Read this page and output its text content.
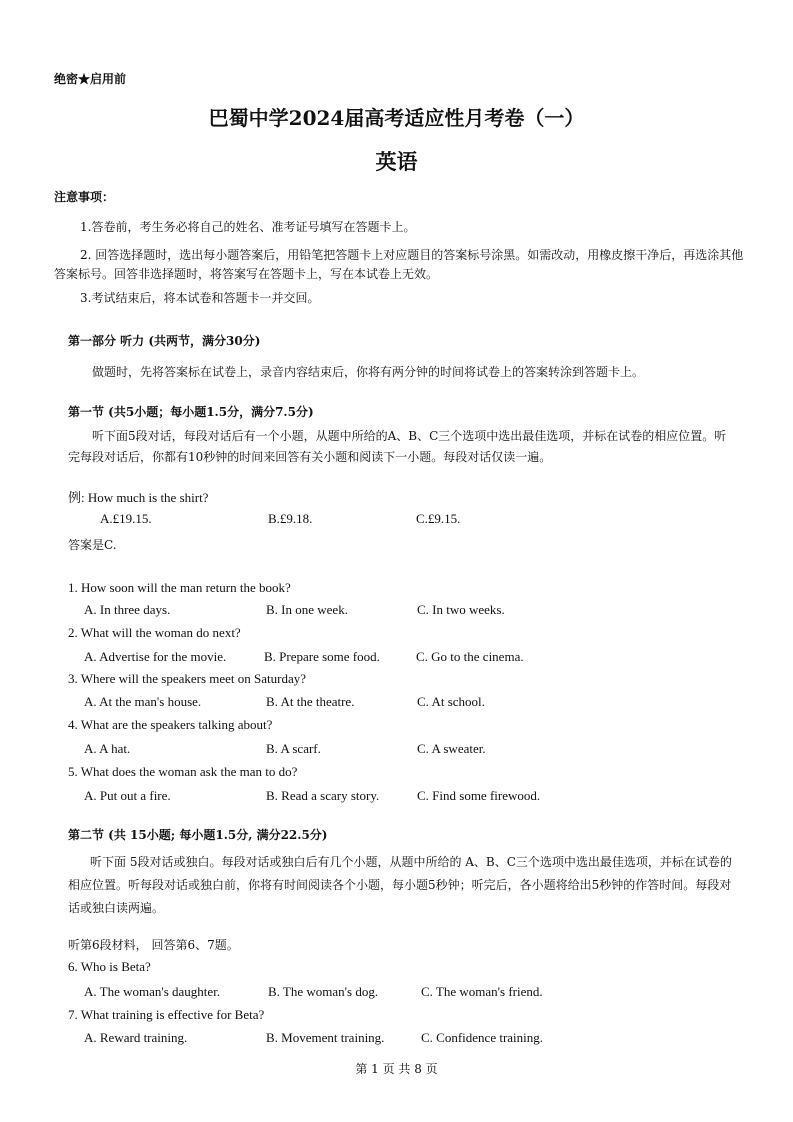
绝密★启用前
巴蜀中学2024届高考适应性月考卷（一）
英语
注意事项：
1.答卷前，考生务必将自己的姓名、准考证号填写在答题卡上。
2. 回答选择题时，选出每小题答案后，用铅笔把答题卡上对应题目的答案标号涂黑。如需改动，用橡皮擦干净后，再选涂其他答案标号。回答非选择题时，将答案写在答题卡上，写在本试卷上无效。
3.考试结束后，将本试卷和答题卡一并交回。
第一部分 听力 (共两节，满分30分)
做题时，先将答案标在试卷上，录音内容结束后，你将有两分钟的时间将试卷上的答案转涂到答题卡上。
第一节 (共5小题；每小题1.5分，满分7.5分)
听下面5段对话，每段对话后有一个小题，从题中所给的A、B、C三个选项中选出最佳选项，并标在试卷的相应位置。听完每段对话后，你都有10秒钟的时间来回答有关小题和阅读下一小题。每段对话仅读一遍。
例: How much is the shirt?
A.£19.15.	B.£9.18.	C.£9.15.
答案是C.
1. How soon will the man return the book?
A. In three days.	B. In one week.	C. In two weeks.
2. What will the woman do next?
A. Advertise for the movie.	B. Prepare some food.	C. Go to the cinema.
3. Where will the speakers meet on Saturday?
A. At the man's house.	B. At the theatre.	C. At school.
4. What are the speakers talking about?
A. A hat.	B. A scarf.	C. A sweater.
5. What does the woman ask the man to do?
A. Put out a fire.	B. Read a scary story.	C. Find some firewood.
第二节 (共 15小题; 每小题1.5分, 满分22.5分)
听下面 5段对话或独白。每段对话或独白后有几个小题，从题中所给的 A、B、C三个选项中选出最佳选项，并标在试卷的相应位置。听每段对话或独白前，你将有时间阅读各个小题，每小题5秒钟；听完后，各小题将给出5秒钟的作答时间。每段对话或独白读两遍。
听第6段材料， 回答第6、7题。
6. Who is Beta?
A. The woman's daughter.	B. The woman's dog.	C. The woman's friend.
7. What training is effective for Beta?
A. Reward training.	B. Movement training.	C. Confidence training.
第 1 页 共 8 页
